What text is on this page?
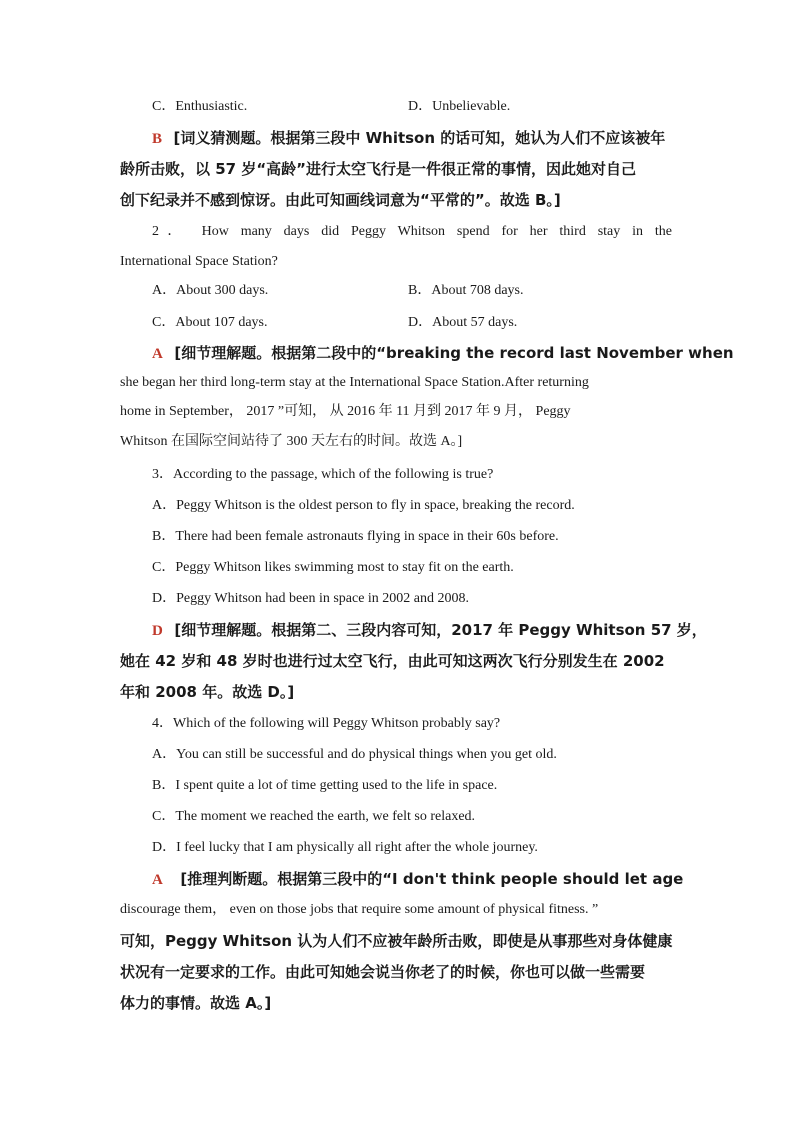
C．Enthusiastic.	D．Unbelievable.
B [词义猜测题。根据第三段中 Whitson 的话可知，她认为人们不应该被年
龄所击败，以 57 岁“高龄”进行太空飞行是一件很正常的事情，因此她对自己
创下纪录并不感到惊讶。由此可知画线词意为“平常的”。故选 B。]
2． How many days did Peggy Whitson spend for her third stay in the
International Space Station?
A．About 300 days.	B．About 708 days.
C．About 107 days.	D．About 57 days.
A [细节理解题。根据第二段中的“breaking the record last November when
she began her third long-term stay at the International Space Station.After returning
home in September， 2017 ”可知， 从 2016 年 11 月到 2017 年 9 月， Peggy
Whitson 在国际空间站待了 300 天左右的时间。故选 A。]
3．According to the passage, which of the following is true?
A．Peggy Whitson is the oldest person to fly in space, breaking the record.
B．There had been female astronauts flying in space in their 60s before.
C．Peggy Whitson likes swimming most to stay fit on the earth.
D．Peggy Whitson had been in space in 2002 and 2008.
D [细节理解题。根据第二、三段内容可知，2017 年 Peggy Whitson 57 岁，
她在 42 岁和 48 岁时也进行过太空飞行，由此可知这两次飞行分别发生在 2002
年和 2008 年。故选 D。]
4．Which of the following will Peggy Whitson probably say?
A．You can still be successful and do physical things when you get old.
B．I spent quite a lot of time getting used to the life in space.
C．The moment we reached the earth, we felt so relaxed.
D．I feel lucky that I am physically all right after the whole journey.
A [推理判断题。根据第三段中的“I don't think people should let age
discourage them， even on those jobs that require some amount of physical fitness. ”
可知，Peggy Whitson 认为人们不应被年龄所击败，即使是从事那些对身体健康
状况有一定要求的工作。由此可知她会说当你老了的时候，你也可以做一些需要
体力的事情。故选 A。]
